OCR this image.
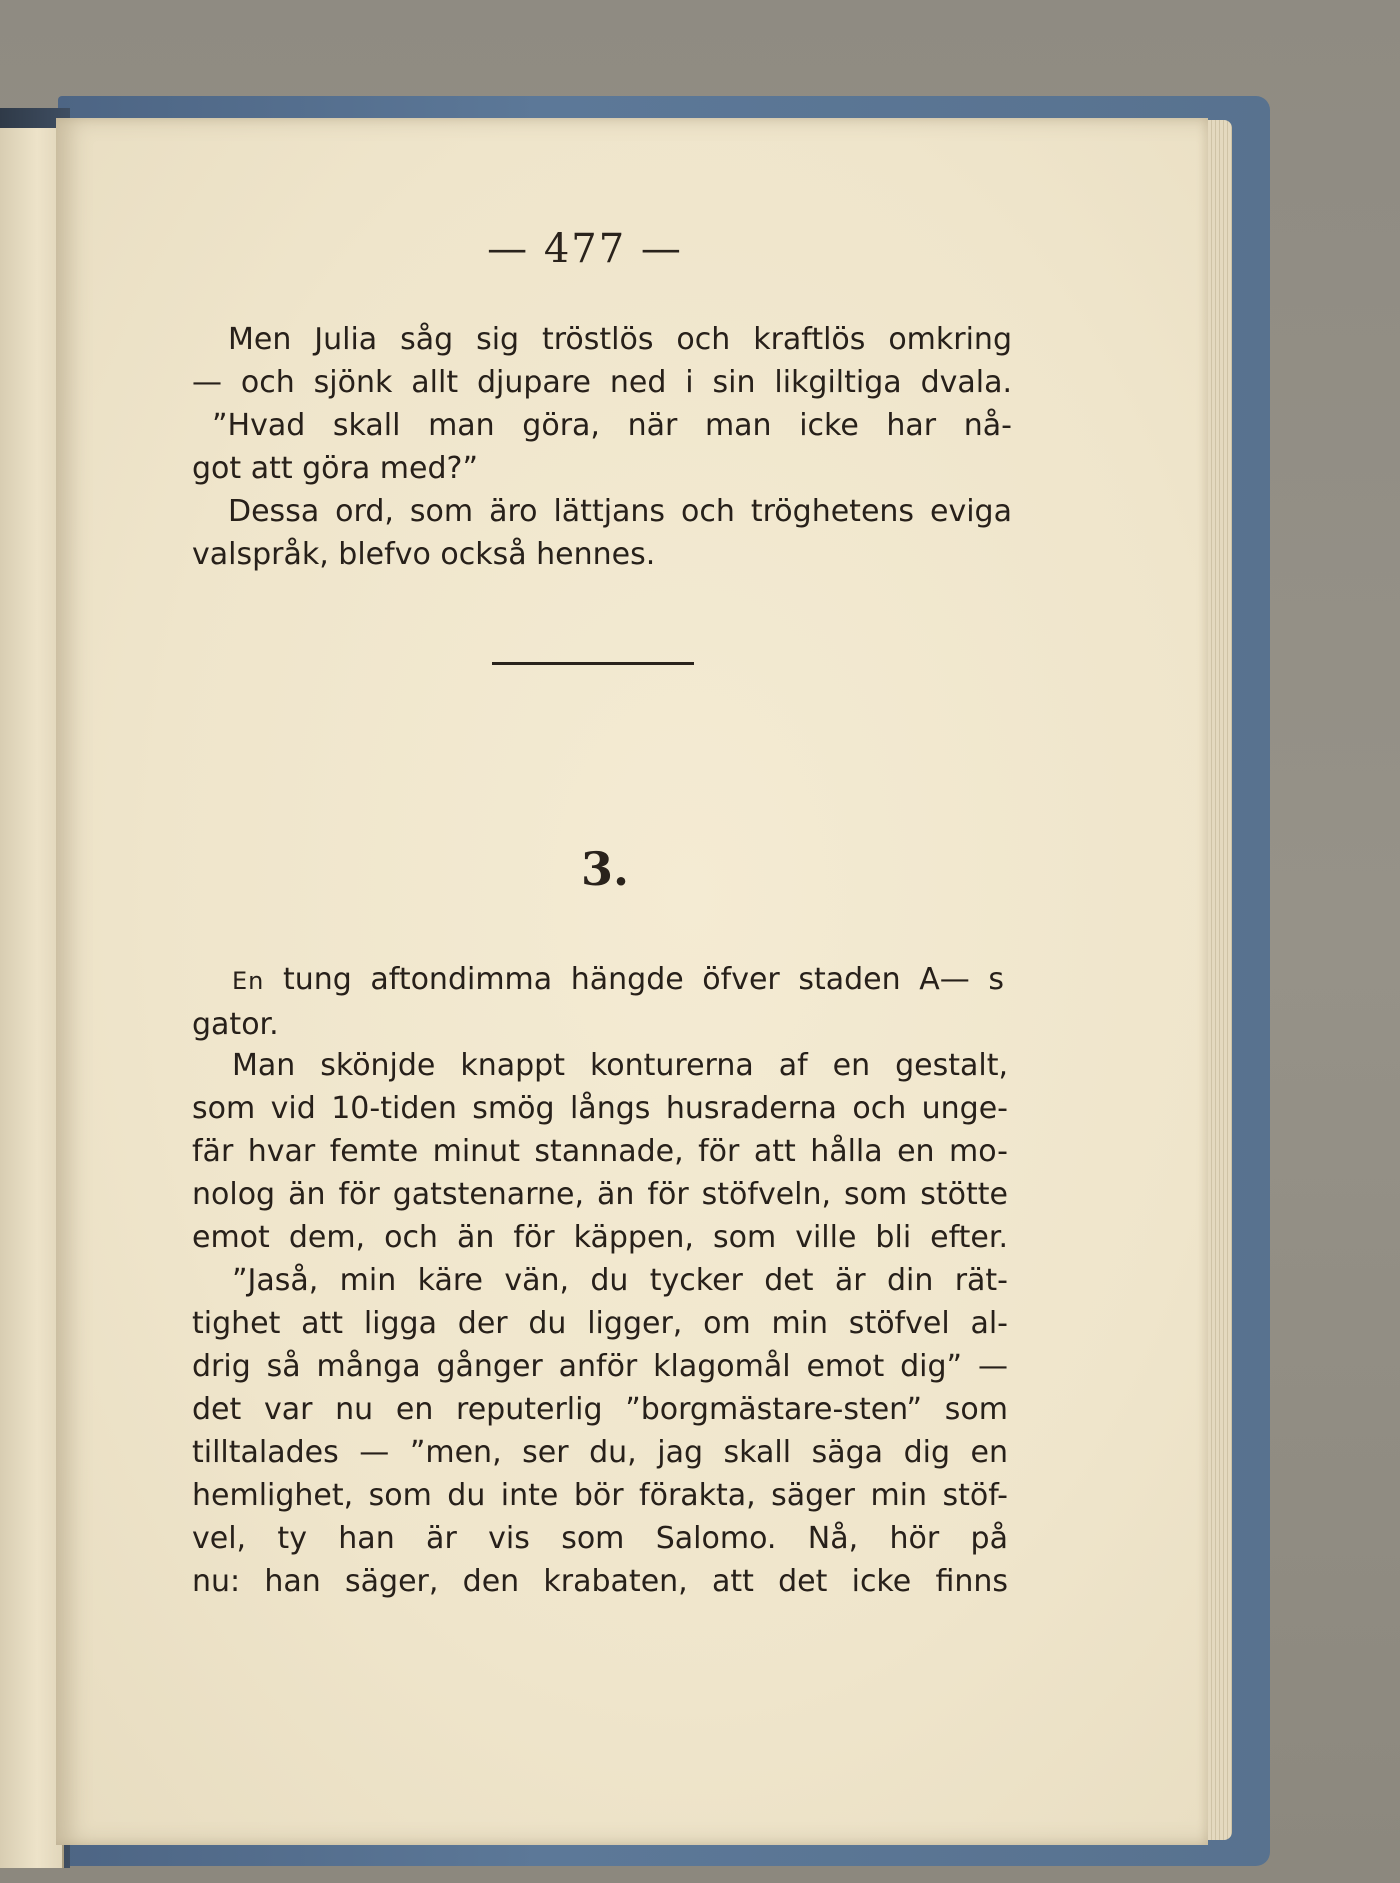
— 477 —
Men Julia såg sig tröstlös och kraftlös omkring
— och sjönk allt djupare ned i sin likgiltiga dvala.
”Hvad skall man göra, när man icke har nå-
got att göra med?”
Dessa ord, som äro lättjans och tröghetens eviga
valspråk, blefvo också hennes.
3.
En tung aftondimma hängde öfver staden A— s
gator.
Man skönjde knappt konturerna af en gestalt,
som vid 10-tiden smög långs husraderna och unge-
fär hvar femte minut stannade, för att hålla en mo-
nolog än för gatstenarne, än för stöfveln, som stötte
emot dem, och än för käppen, som ville bli efter.
”Jaså, min käre vän, du tycker det är din rät-
tighet att ligga der du ligger, om min stöfvel al-
drig så många gånger anför klagomål emot dig” —
det var nu en reputerlig ”borgmästare-sten” som
tilltalades — ”men, ser du, jag skall säga dig en
hemlighet, som du inte bör förakta, säger min stöf-
vel, ty han är vis som Salomo. Nå, hör på
nu: han säger, den krabaten, att det icke finns
